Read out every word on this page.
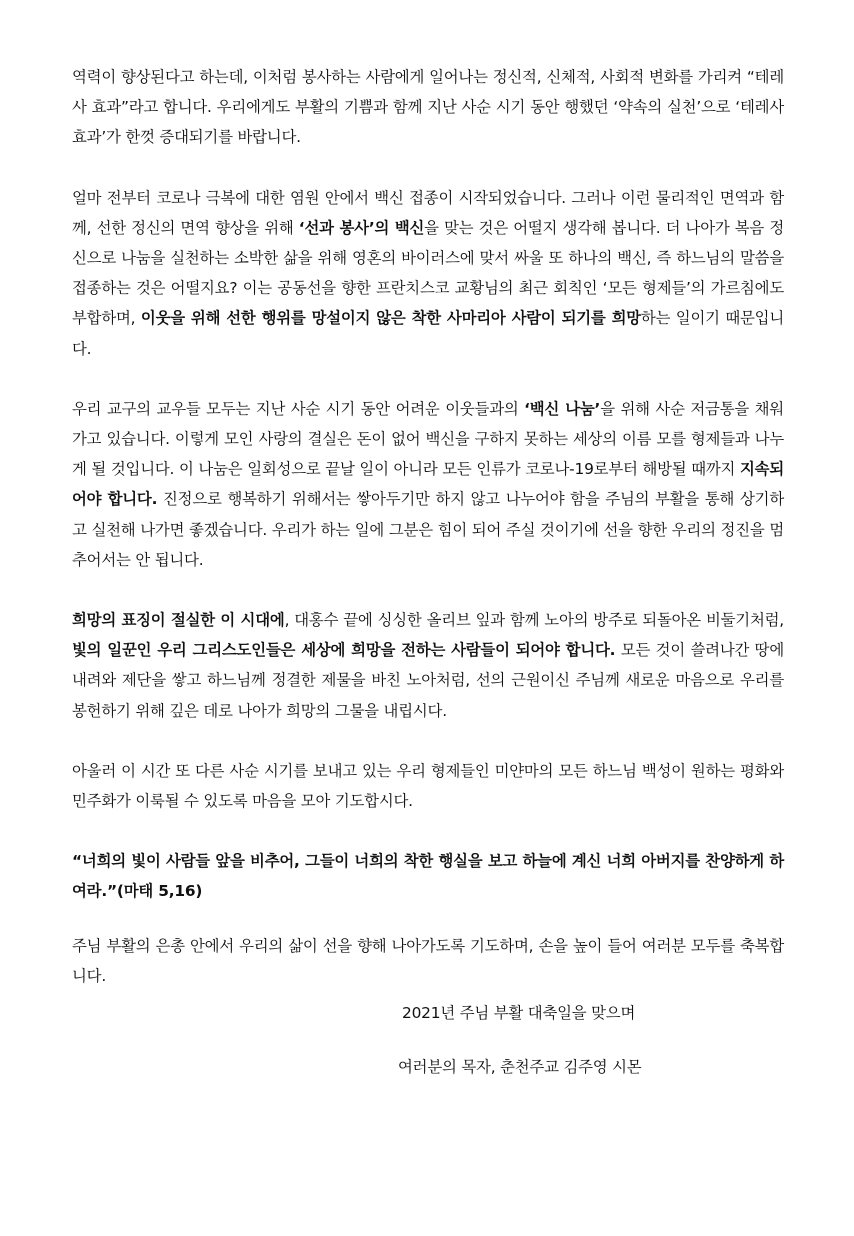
역력이 향상된다고 하는데, 이처럼 봉사하는 사람에게 일어나는 정신적, 신체적, 사회적 변화를 가리켜 “테레사 효과”라고 합니다. 우리에게도 부활의 기쁨과 함께 지난 사순 시기 동안 행했던 ‘약속의 실천’으로 ‘테레사 효과’가 한껏 증대되기를 바랍니다.

얼마 전부터 코로나 극복에 대한 염원 안에서 백신 접종이 시작되었습니다. 그러나 이런 물리적인 면역과 함께, 선한 정신의 면역 향상을 위해 ‘선과 봉사’의 백신을 맞는 것은 어떨지 생각해 봅니다. 더 나아가 복음 정신으로 나눔을 실천하는 소박한 삶을 위해 영혼의 바이러스에 맞서 싸울 또 하나의 백신, 즉 하느님의 말씀을 접종하는 것은 어떨지요? 이는 공동선을 향한 프란치스코 교황님의 최근 회칙인 ‘모든 형제들’의 가르침에도 부합하며, 이웃을 위해 선한 행위를 망설이지 않은 착한 사마리아 사람이 되기를 희망하는 일이기 때문입니다.

우리 교구의 교우들 모두는 지난 사순 시기 동안 어려운 이웃들과의 ‘백신 나눔’을 위해 사순 저금통을 채워가고 있습니다. 이렇게 모인 사랑의 결실은 돈이 없어 백신을 구하지 못하는 세상의 이름 모를 형제들과 나누게 될 것입니다. 이 나눔은 일회성으로 끝날 일이 아니라 모든 인류가 코로나-19로부터 해방될 때까지 지속되어야 합니다. 진정으로 행복하기 위해서는 쌓아두기만 하지 않고 나누어야 함을 주님의 부활을 통해 상기하고 실천해 나가면 좋겠습니다. 우리가 하는 일에 그분은 힘이 되어 주실 것이기에 선을 향한 우리의 정진을 멈추어서는 안 됩니다.

희망의 표징이 절실한 이 시대에, 대홍수 끝에 싱싱한 올리브 잎과 함께 노아의 방주로 되돌아온 비둘기처럼, 빛의 일꾼인 우리 그리스도인들은 세상에 희망을 전하는 사람들이 되어야 합니다. 모든 것이 쓸려나간 땅에 내려와 제단을 쌓고 하느님께 정결한 제물을 바친 노아처럼, 선의 근원이신 주님께 새로운 마음으로 우리를 봉헌하기 위해 깊은 데로 나아가 희망의 그물을 내립시다.

아울러 이 시간 또 다른 사순 시기를 보내고 있는 우리 형제들인 미얀마의 모든 하느님 백성이 원하는 평화와 민주화가 이룩될 수 있도록 마음을 모아 기도합시다.

“너희의 빛이 사람들 앞을 비추어, 그들이 너희의 착한 행실을 보고 하늘에 계신 너희 아버지를 찬양하게 하여라.”(마태 5,16)

주님 부활의 은총 안에서 우리의 삶이 선을 향해 나아가도록 기도하며, 손을 높이 들어 여러분 모두를 축복합니다.

2021년 주님 부활 대축일을 맞으며
여러분의 목자, 춘천주교 김주영 시몬
